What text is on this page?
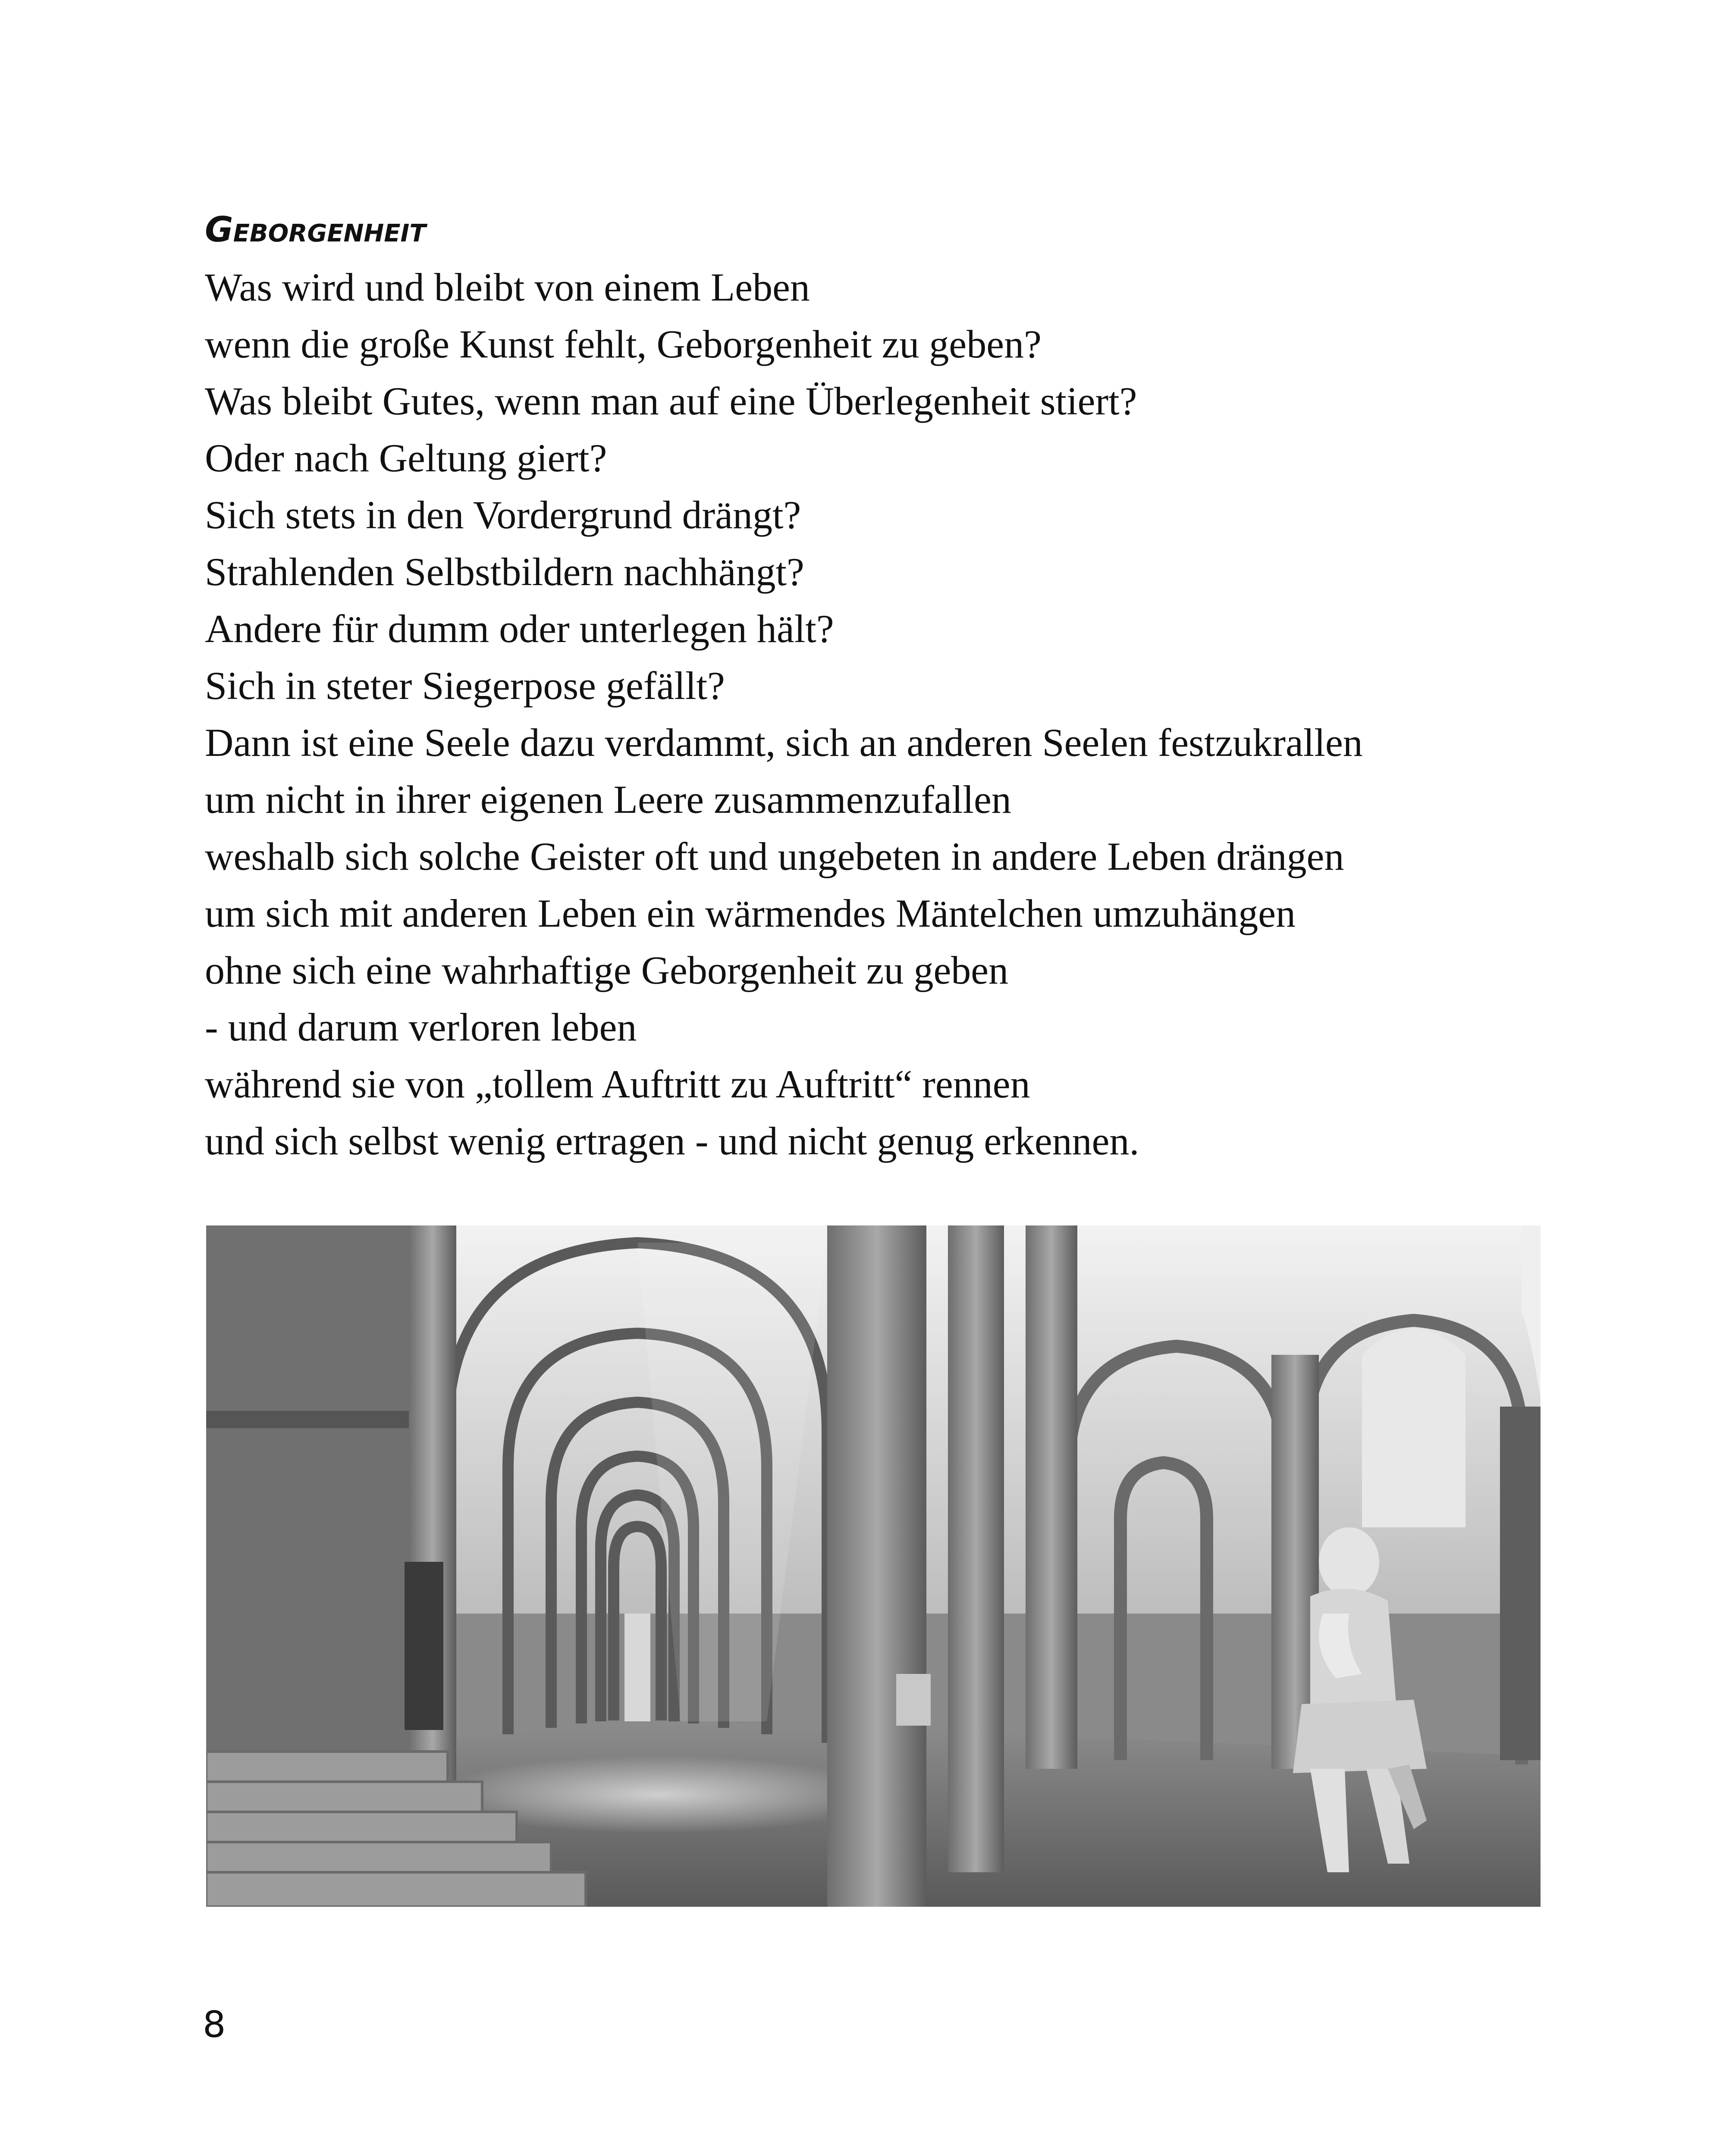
Geborgenheit
Was wird und bleibt von einem Leben
wenn die große Kunst fehlt, Geborgenheit zu geben?
Was bleibt Gutes, wenn man auf eine Überlegenheit stiert?
Oder nach Geltung giert?
Sich stets in den Vordergrund drängt?
Strahlenden Selbstbildern nachhängt?
Andere für dumm oder unterlegen hält?
Sich in steter Siegerpose gefällt?
Dann ist eine Seele dazu verdammt, sich an anderen Seelen festzukrallen
um nicht in ihrer eigenen Leere zusammenzufallen
weshalb sich solche Geister oft und ungebeten in andere Leben drängen
um sich mit anderen Leben ein wärmendes Mäntelchen umzuhängen
ohne sich eine wahrhaftige Geborgenheit zu geben
- und darum verloren leben
während sie von „tollem Auftritt zu Auftritt“ rennen
und sich selbst wenig ertragen - und nicht genug erkennen.
8
